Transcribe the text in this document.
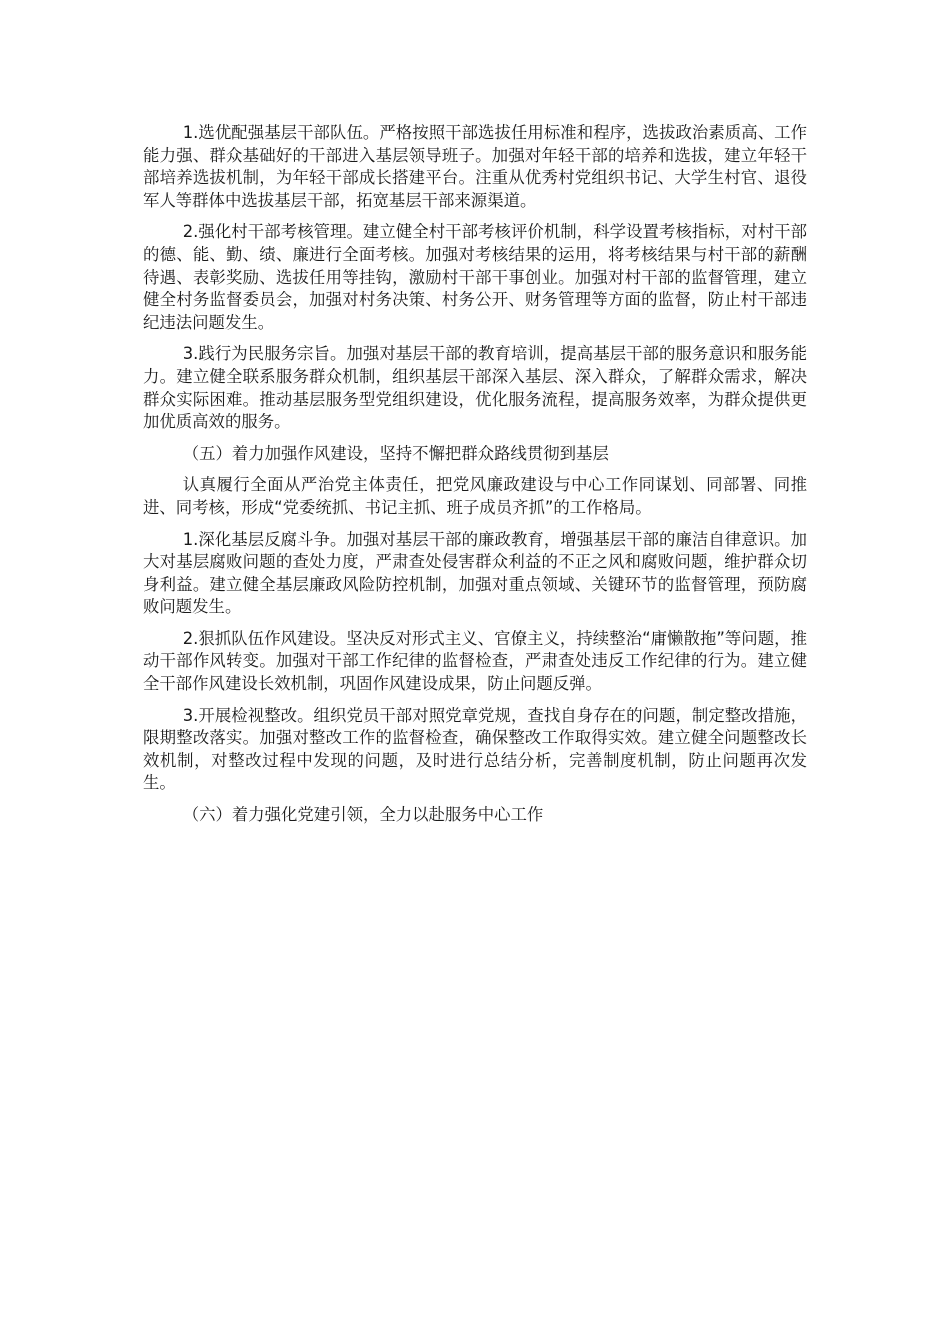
1.选优配强基层干部队伍。严格按照干部选拔任用标准和程序，选拔政治素质高、工作能力强、群众基础好的干部进入基层领导班子。加强对年轻干部的培养和选拔，建立年轻干部培养选拔机制，为年轻干部成长搭建平台。注重从优秀村党组织书记、大学生村官、退役军人等群体中选拔基层干部，拓宽基层干部来源渠道。

2.强化村干部考核管理。建立健全村干部考核评价机制，科学设置考核指标，对村干部的德、能、勤、绩、廉进行全面考核。加强对考核结果的运用，将考核结果与村干部的薪酬待遇、表彰奖励、选拔任用等挂钩，激励村干部干事创业。加强对村干部的监督管理，建立健全村务监督委员会，加强对村务决策、村务公开、财务管理等方面的监督，防止村干部违纪违法问题发生。

3.践行为民服务宗旨。加强对基层干部的教育培训，提高基层干部的服务意识和服务能力。建立健全联系服务群众机制，组织基层干部深入基层、深入群众，了解群众需求，解决群众实际困难。推动基层服务型党组织建设，优化服务流程，提高服务效率，为群众提供更加优质高效的服务。

（五）着力加强作风建设，坚持不懈把群众路线贯彻到基层

认真履行全面从严治党主体责任，把党风廉政建设与中心工作同谋划、同部署、同推进、同考核，形成“党委统抓、书记主抓、班子成员齐抓”的工作格局。

1.深化基层反腐斗争。加强对基层干部的廉政教育，增强基层干部的廉洁自律意识。加大对基层腐败问题的查处力度，严肃查处侵害群众利益的不正之风和腐败问题，维护群众切身利益。建立健全基层廉政风险防控机制，加强对重点领域、关键环节的监督管理，预防腐败问题发生。

2.狠抓队伍作风建设。坚决反对形式主义、官僚主义，持续整治“庸懒散拖”等问题，推动干部作风转变。加强对干部工作纪律的监督检查，严肃查处违反工作纪律的行为。建立健全干部作风建设长效机制，巩固作风建设成果，防止问题反弹。

3.开展检视整改。组织党员干部对照党章党规，查找自身存在的问题，制定整改措施，限期整改落实。加强对整改工作的监督检查，确保整改工作取得实效。建立健全问题整改长效机制，对整改过程中发现的问题，及时进行总结分析，完善制度机制，防止问题再次发生。

（六）着力强化党建引领，全力以赴服务中心工作
